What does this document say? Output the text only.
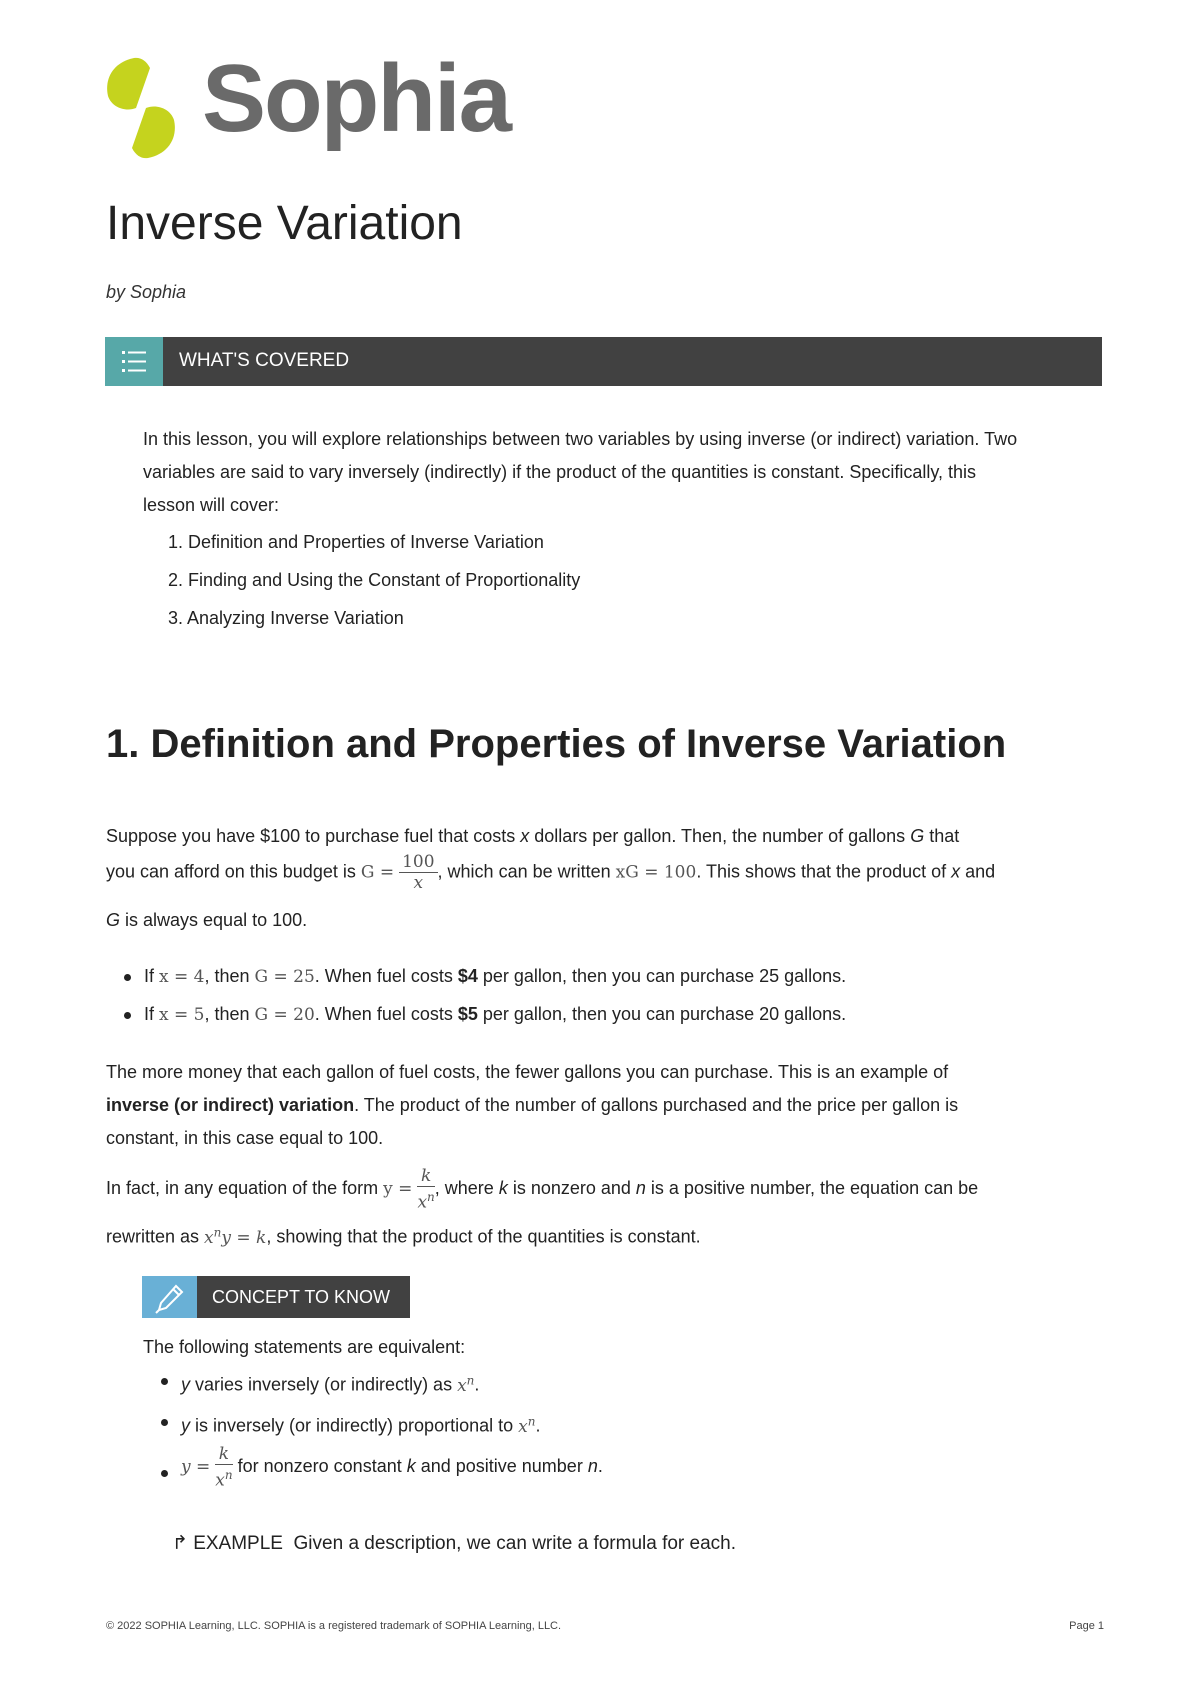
Sophia
Inverse Variation
by Sophia
WHAT'S COVERED
In this lesson, you will explore relationships between two variables by using inverse (or indirect) variation. Two variables are said to vary inversely (indirectly) if the product of the quantities is constant. Specifically, this lesson will cover:
1. Definition and Properties of Inverse Variation
2. Finding and Using the Constant of Proportionality
3. Analyzing Inverse Variation
1. Definition and Properties of Inverse Variation
Suppose you have $100 to purchase fuel that costs x dollars per gallon. Then, the number of gallons G that
you can afford on this budget is $G = \frac{100}{x}$ , which can be written xG = 100. This shows that the product of x and
G is always equal to 100.
If x = 4, then G = 25. When fuel costs $4 per gallon, then you can purchase 25 gallons.
If x = 5, then G = 20. When fuel costs $5 per gallon, then you can purchase 20 gallons.
The more money that each gallon of fuel costs, the fewer gallons you can purchase. This is an example of
inverse (or indirect) variation. The product of the number of gallons purchased and the price per gallon is
constant, in this case equal to 100.
In fact, in any equation of the form $y = \frac{k}{x^n}$ , where k is nonzero and n is a positive number, the equation can be
rewritten as $x^ny = k$, showing that the product of the quantities is constant.
CONCEPT TO KNOW
The following statements are equivalent:
y varies inversely (or indirectly) as $x^n$.
y is inversely (or indirectly) proportional to $x^n$.
$y = \frac{k}{x^n}$ for nonzero constant k and positive number n.
↱ EXAMPLE Given a description, we can write a formula for each.
© 2022 SOPHIA Learning, LLC. SOPHIA is a registered trademark of SOPHIA Learning, LLC.	Page 1
